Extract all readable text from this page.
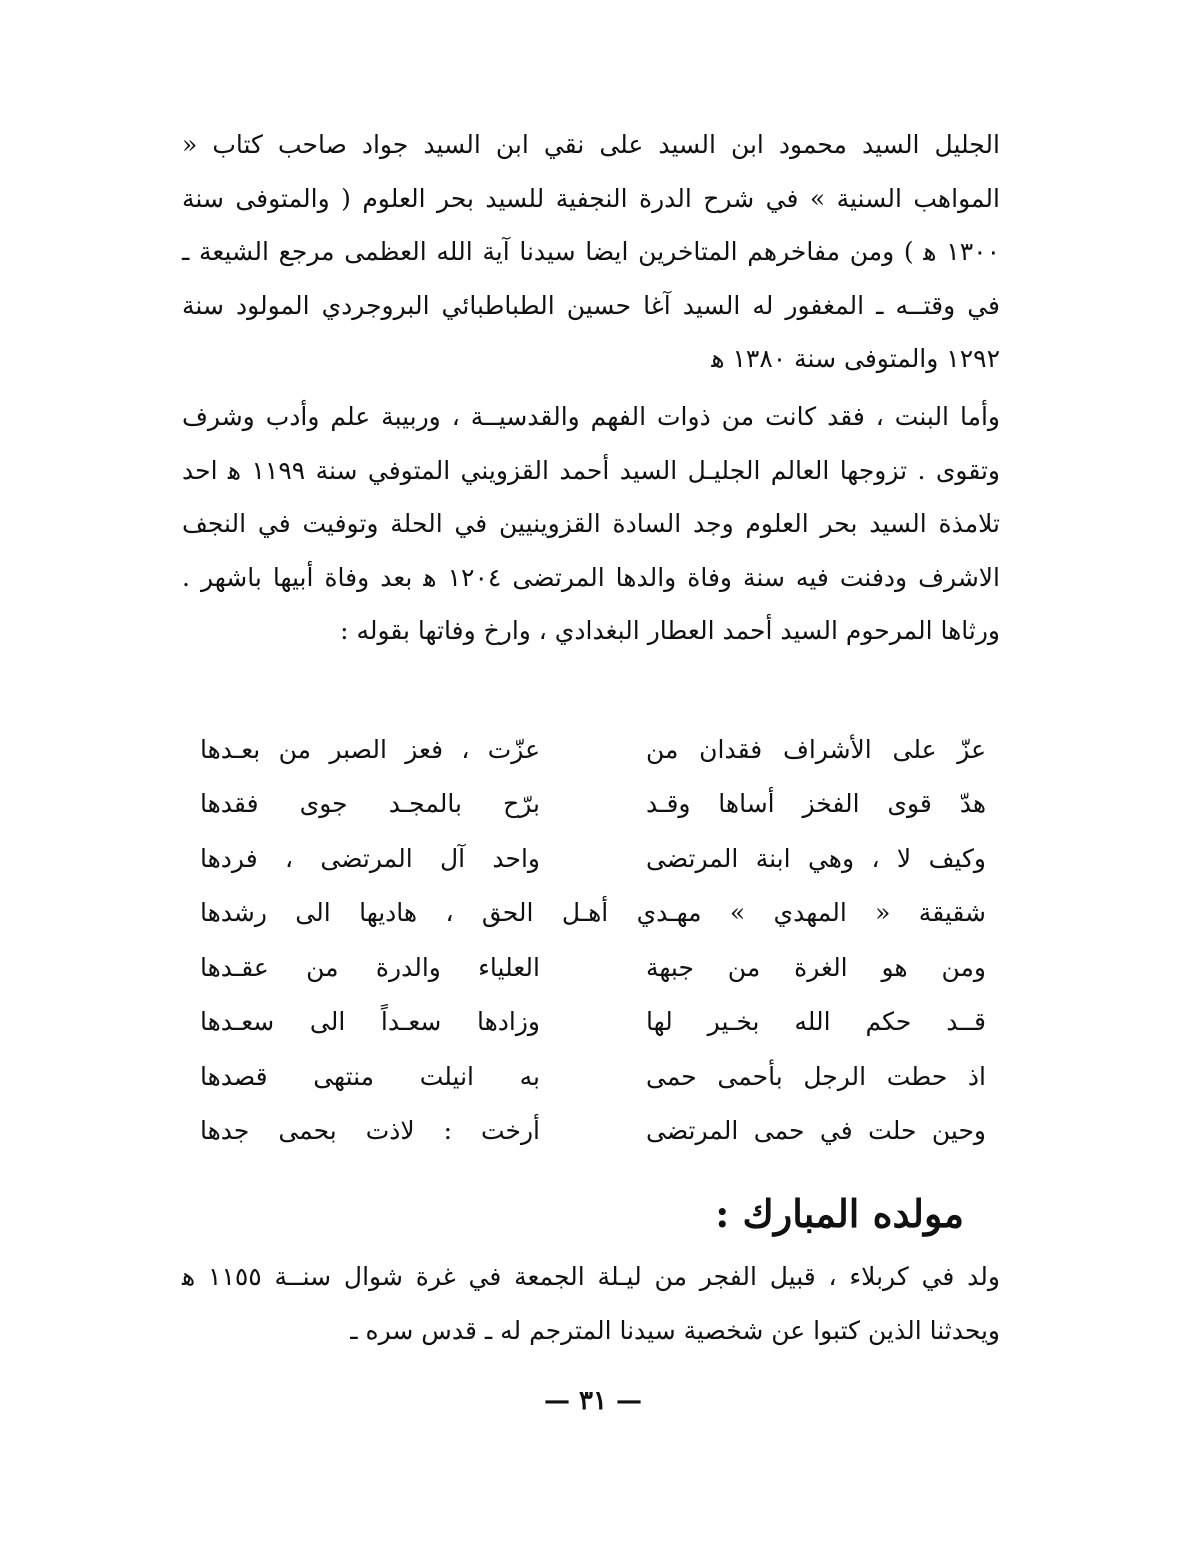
الجليل السيد محمود ابن السيد على نقي ابن السيد جواد صاحب كتاب « المواهب السنية » في شرح الدرة النجفية للسيد بحر العلوم ( والمتوفى سنة ١٣٠٠ ﻫ ) ومن مفاخرهم المتاخرين ايضا سيدنا آية الله العظمى مرجع الشيعة ـ في وقتــه ـ المغفور له السيد آغا حسين الطباطبائي البروجردي المولود سنة ١٢٩٢ والمتوفى سنة ١٣٨٠ ﻫ

وأما البنت ، فقد كانت من ذوات الفهم والقدسيــة ، وربيبة علم وأدب وشرف وتقوى . تزوجها العالم الجليـل السيد أحمد القزويني المتوفي سنة ١١٩٩ ﻫ احد تلامذة السيد بحر العلوم وجد السادة القزوينيين في الحلة وتوفيت في النجف الاشرف ودفنت فيه سنة وفاة والدها المرتضى ١٢٠٤ ﻫ بعد وفاة أبيها باشهر . ورثاها المرحوم السيد أحمد العطار البغدادي ، وارخ وفاتها بقوله :

عزّ على الأشراف فقدان من
عزّت ، فعز الصبر من بعـدها
هدّ قوى الفخز أساها وقـد
برّح بالمجـد جوى فقدها
وكيف لا ، وهي ابنة المرتضى
واحد آل المرتضى ، فردها
شقيقة « المهدي » مهـدي أهـل الحق ، هاديها الى رشدها
ومن هو الغرة من جبهة
العلياء والدرة من عقـدها
قــد حكم الله بخـير لها
وزادها سعـداً الى سعـدها
اذ حطت الرجل بأحمى حمى
به انيلت منتهى قصدها
وحين حلت في حمى المرتضى
أرخت : لاذت بحمى جدها
مولده المبارك :

ولد في كربلاء ، قبيل الفجر من ليـلة الجمعة في غرة شوال سنــة ١١٥٥ ﻫ ويحدثنا الذين كتبوا عن شخصية سيدنا المترجم له ـ قدس سره ـ

— ٣١ —
